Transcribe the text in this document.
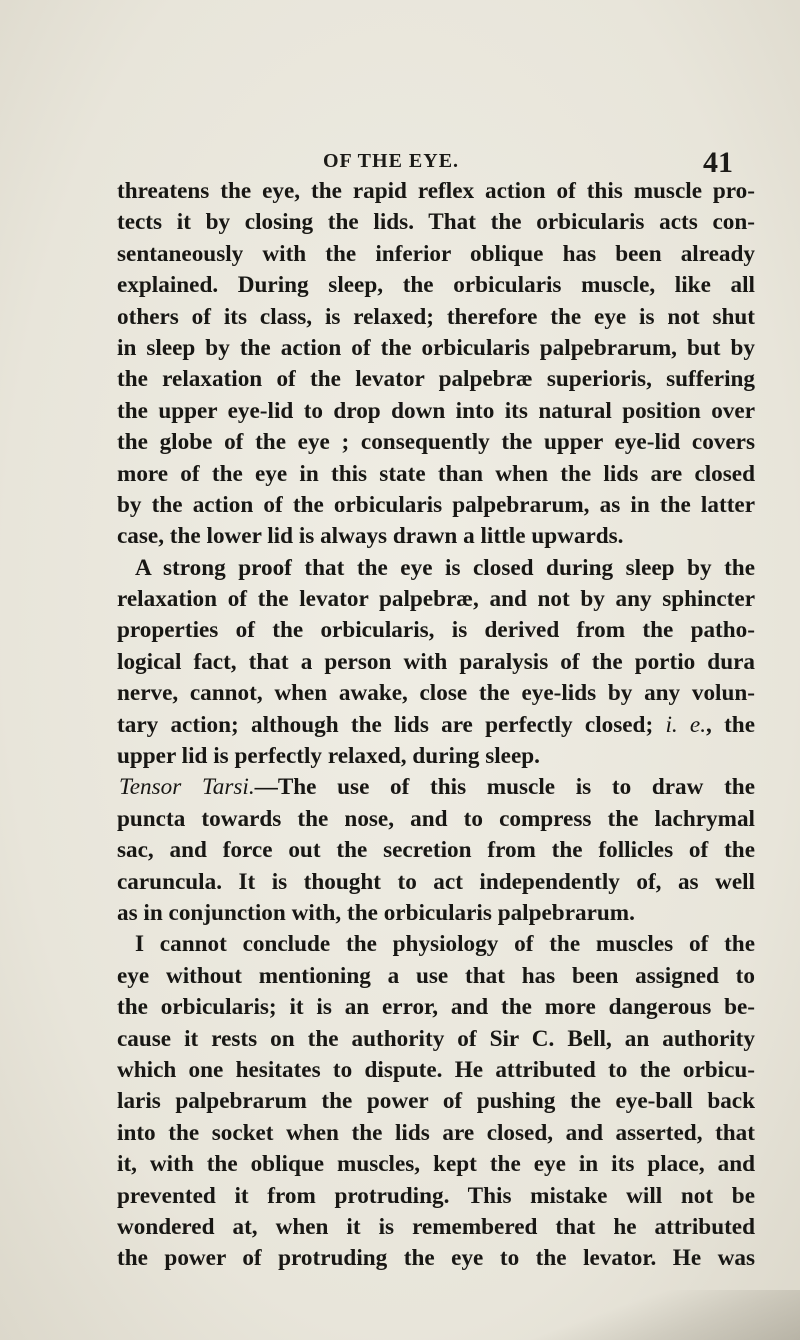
OF THE EYE.	41
threatens the eye, the rapid reflex action of this muscle pro-
tects it by closing the lids. That the orbicularis acts con-
sentaneously with the inferior oblique has been already
explained. During sleep, the orbicularis muscle, like all
others of its class, is relaxed; therefore the eye is not shut
in sleep by the action of the orbicularis palpebrarum, but by
the relaxation of the levator palpebræ superioris, suffering
the upper eye-lid to drop down into its natural position over
the globe of the eye ; consequently the upper eye-lid covers
more of the eye in this state than when the lids are closed
by the action of the orbicularis palpebrarum, as in the latter
case, the lower lid is always drawn a little upwards.
A strong proof that the eye is closed during sleep by the
relaxation of the levator palpebræ, and not by any sphincter
properties of the orbicularis, is derived from the patho-
logical fact, that a person with paralysis of the portio dura
nerve, cannot, when awake, close the eye-lids by any volun-
tary action; although the lids are perfectly closed; i. e., the
upper lid is perfectly relaxed, during sleep.
Tensor Tarsi.—The use of this muscle is to draw the
puncta towards the nose, and to compress the lachrymal
sac, and force out the secretion from the follicles of the
caruncula. It is thought to act independently of, as well
as in conjunction with, the orbicularis palpebrarum.
I cannot conclude the physiology of the muscles of the
eye without mentioning a use that has been assigned to
the orbicularis; it is an error, and the more dangerous be-
cause it rests on the authority of Sir C. Bell, an authority
which one hesitates to dispute. He attributed to the orbicu-
laris palpebrarum the power of pushing the eye-ball back
into the socket when the lids are closed, and asserted, that
it, with the oblique muscles, kept the eye in its place, and
prevented it from protruding. This mistake will not be
wondered at, when it is remembered that he attributed
the power of protruding the eye to the levator. He was
